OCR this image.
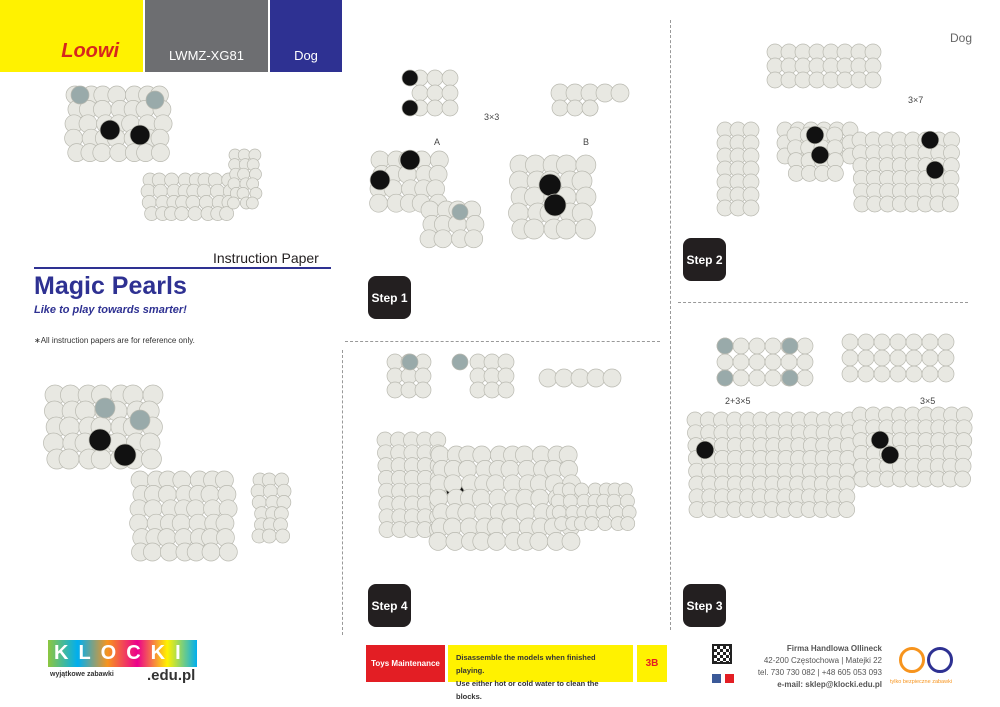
Loowi	LWMZ-XG81	Dog
Instruction Paper
Magic Pearls
Like to play towards smarter!
∗All instruction papers are for reference only.
Dog
A	B
3×3
3×7
2+3×5	3×5
Step 1
Step 2
Step 3
Step 4
KLOCKI
wyjątkowe zabawki .edu.pl
Toys Maintenance
Disassemble the models when finished playing.
Use either hot or cold water to clean the blocks.
3B
Firma Handlowa Ollineck
42-200 Częstochowa | Matejki 22
tel. 730 730 082 | +48 605 053 093
e-mail: sklep@klocki.edu.pl tylko bezpieczne zabawki
